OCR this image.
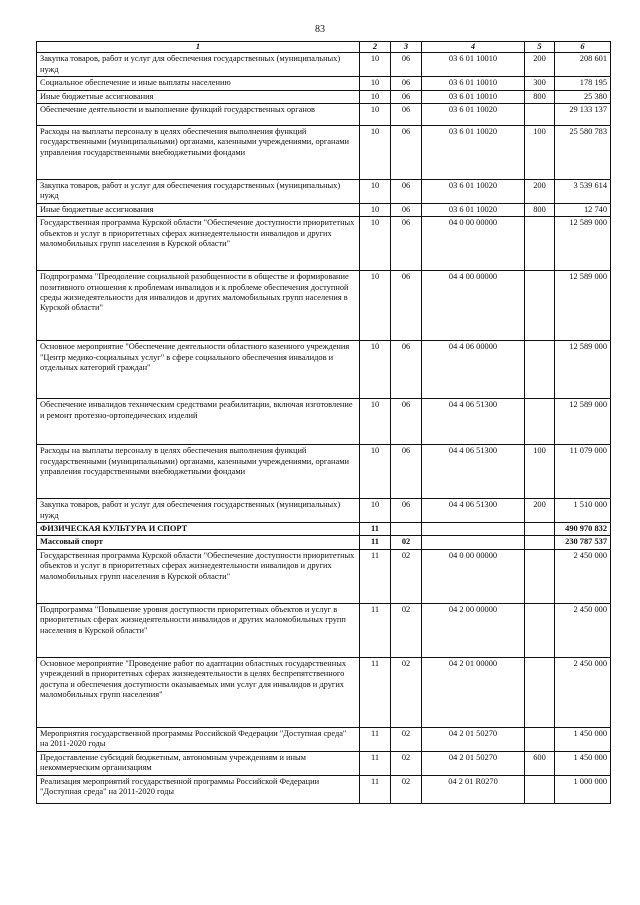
83
1	2	3	4	5	6
Закупка товаров, работ и услуг для обеспечения государственных (муниципальных) нужд	10	06	03 6 01 10010	200	208 601
Социальное обеспечение и иные выплаты населению	10	06	03 6 01 10010	300	178 195
Иные бюджетные ассигнования	10	06	03 6 01 10010	800	25 380
Обеспечение деятельности и выполнение функций государственных органов	10	06	03 6 01 10020		29 133 137
Расходы на выплаты персоналу в целях обеспечения выполнения функций государственными (муниципальными) органами, казенными учреждениями, органами управления государственными внебюджетными фондами	10	06	03 6 01 10020	100	25 580 783
Закупка товаров, работ и услуг для обеспечения государственных (муниципальных) нужд	10	06	03 6 01 10020	200	3 539 614
Иные бюджетные ассигнования	10	06	03 6 01 10020	800	12 740
Государственная программа Курской области "Обеспечение доступности приоритетных объектов и услуг в приоритетных сферах жизнедеятельности инвалидов и других маломобильных групп населения в Курской области"	10	06	04 0 00 00000		12 589 000
Подпрограмма "Преодоление социальной разобщенности в обществе и формирование позитивного отношения к проблемам инвалидов и к проблеме обеспечения доступной среды жизнедеятельности для инвалидов и других маломобильных групп населения в Курской области"	10	06	04 4 00 00000		12 589 000
Основное мероприятие "Обеспечение деятельности областного казенного учреждения "Центр медико-социальных услуг" в сфере социального обеспечения инвалидов и отдельных категорий граждан"	10	06	04 4 06 00000		12 589 000
Обеспечение инвалидов техническим средствами реабилитации, включая изготовление и ремонт протезно-ортопедических изделий	10	06	04 4 06 51300		12 589 000
Расходы на выплаты персоналу в целях обеспечения выполнения функций государственными (муниципальными) органами, казенными учреждениями, органами управления государственными внебюджетными фондами	10	06	04 4 06 51300	100	11 079 000
Закупка товаров, работ и услуг для обеспечения государственных (муниципальных) нужд	10	06	04 4 06 51300	200	1 510 000
ФИЗИЧЕСКАЯ КУЛЬТУРА И СПОРТ	11				490 970 832
Массовый спорт	11	02			230 787 537
Государственная программа Курской области "Обеспечение доступности приоритетных объектов и услуг в приоритетных сферах жизнедеятельности инвалидов и других маломобильных групп населения в Курской области"	11	02	04 0 00 00000		2 450 000
Подпрограмма "Повышение уровня доступности приоритетных объектов и услуг в приоритетных сферах жизнедеятельности инвалидов и других маломобильных групп населения в Курской области"	11	02	04 2 00 00000		2 450 000
Основное мероприятие "Проведение работ по адаптации областных государственных учреждений в приоритетных сферах жизнедеятельности в целях беспрепятственного доступа и обеспечения доступности оказываемых ими услуг для инвалидов и других маломобильных групп населения"	11	02	04 2 01 00000		2 450 000
Мероприятия государственной программы Российской Федерации "Доступная среда" на 2011-2020 годы	11	02	04 2 01 50270		1 450 000
Предоставление субсидий бюджетным, автономным учреждениям и иным некоммерческим организациям	11	02	04 2 01 50270	600	1 450 000
Реализация мероприятий государственной программы Российской Федерации "Доступная среда" на 2011-2020 годы	11	02	04 2 01 R0270		1 000 000
